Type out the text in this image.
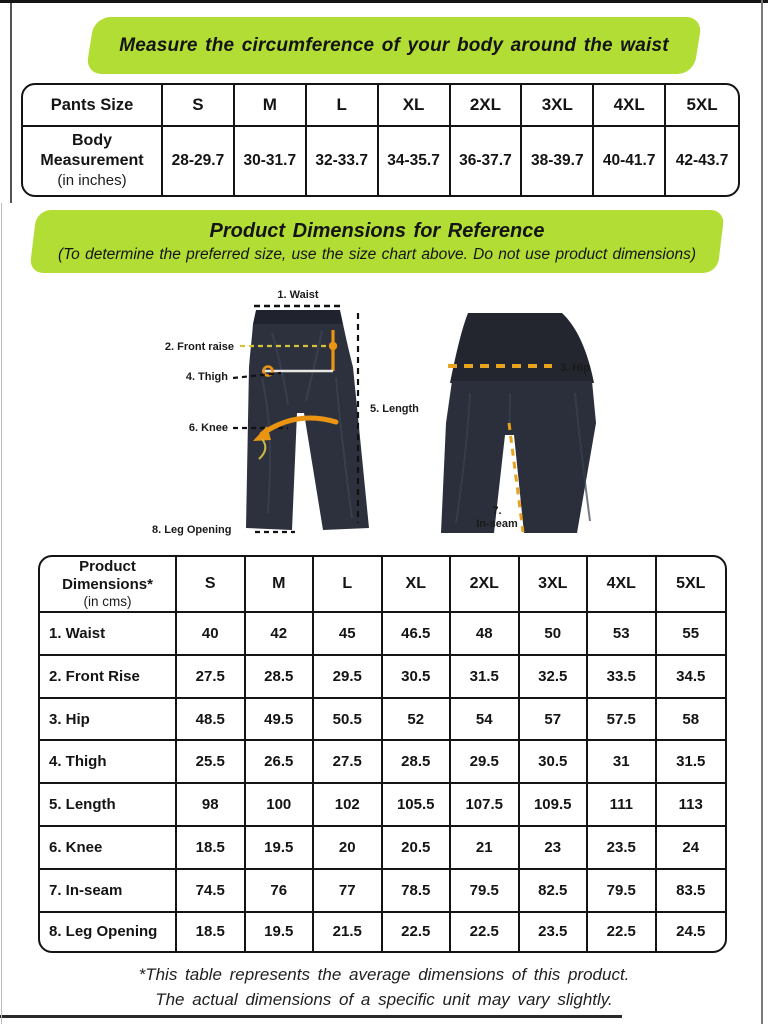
Measure the circumference of your body around the waist
Pants Size	S	M	L	XL	2XL	3XL	4XL	5XL

Body
Measurement
(in inches)	28-29.7	30-31.7	32-33.7	34-35.7	36-37.7	38-39.7	40-41.7	42-43.7
Product Dimensions for Reference
(To determine the preferred size, use the size chart above. Do not use product dimensions)
1. Waist
2. Front raise
4. Thigh
6. Knee
5. Length
8. Leg Opening
3. Hip
7.
In-seam
Product Dimensions*
(in cms)	S	M	L	XL	2XL	3XL	4XL	5XL
1. Waist	40	42	45	46.5	48	50	53	55
2. Front Rise	27.5	28.5	29.5	30.5	31.5	32.5	33.5	34.5
3. Hip	48.5	49.5	50.5	52	54	57	57.5	58
4. Thigh	25.5	26.5	27.5	28.5	29.5	30.5	31	31.5
5. Length	98	100	102	105.5	107.5	109.5	111	113
6. Knee	18.5	19.5	20	20.5	21	23	23.5	24
7. In-seam	74.5	76	77	78.5	79.5	82.5	79.5	83.5
8. Leg Opening	18.5	19.5	21.5	22.5	22.5	23.5	22.5	24.5
*This table represents the average dimensions of this product.
The actual dimensions of a specific unit may vary slightly.
